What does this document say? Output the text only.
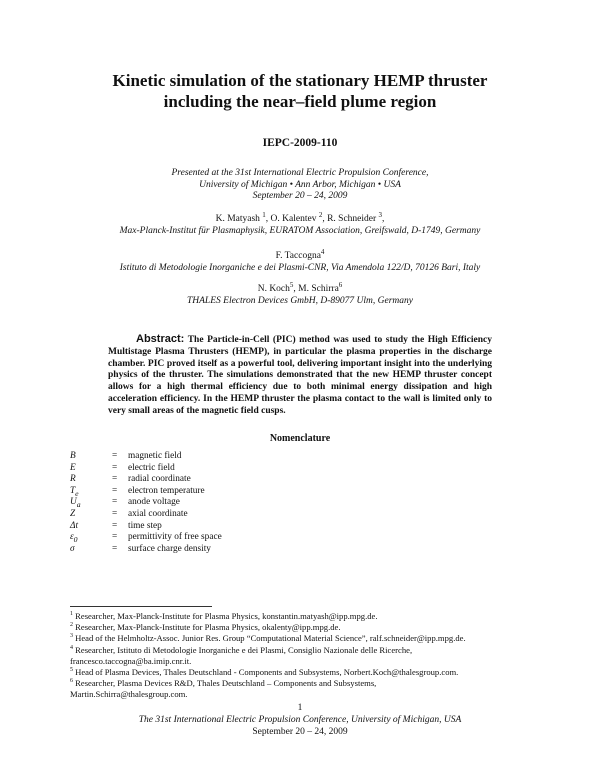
Kinetic simulation of the stationary HEMP thruster
including the near–field plume region
IEPC-2009-110
Presented at the 31st International Electric Propulsion Conference,
University of Michigan • Ann Arbor, Michigan • USA
September 20 – 24, 2009
K. Matyash $^1$, O. Kalentev $^2$, R. Schneider $^3$,
Max-Planck-Institut für Plasmaphysik, EURATOM Association, Greifswald, D-1749, Germany
F. Taccogna$^4$
Istituto di Metodologie Inorganiche e dei Plasmi-CNR, Via Amendola 122/D, 70126 Bari, Italy
N. Koch$^5$, M. Schirra$^6$
THALES Electron Devices GmbH, D-89077 Ulm, Germany
Abstract: The Particle-in-Cell (PIC) method was used to study the High Efficiency Multistage Plasma Thrusters (HEMP), in particular the plasma properties in the discharge chamber. PIC proved itself as a powerful tool, delivering important insight into the underlying physics of the thruster. The simulations demonstrated that the new HEMP thruster concept allows for a high thermal efficiency due to both minimal energy dissipation and high acceleration efficiency. In the HEMP thruster the plasma contact to the wall is limited only to very small areas of the magnetic field cusps.
Nomenclature
B	=	magnetic field
E	=	electric field
R	=	radial coordinate
$T_e$	=	electron temperature
$U_a$	=	anode voltage
Z	=	axial coordinate
Δt	=	time step
$\varepsilon_0$	=	permittivity of free space
σ	=	surface charge density
$^1$ Researcher, Max-Planck-Institute for Plasma Physics, konstantin.matyash@ipp.mpg.de.
$^2$ Researcher, Max-Planck-Institute for Plasma Physics, okalenty@ipp.mpg.de.
$^3$ Head of the Helmholtz-Assoc. Junior Res. Group “Computational Material Science”, ralf.schneider@ipp.mpg.de.
$^4$ Researcher, Istituto di Metodologie Inorganiche e dei Plasmi, Consiglio Nazionale delle Ricerche,
francesco.taccogna@ba.imip.cnr.it.
$^5$ Head of Plasma Devices, Thales Deutschland - Components and Subsystems, Norbert.Koch@thalesgroup.com.
$^6$ Researcher, Plasma Devices R&D, Thales Deutschland – Components and Subsystems,
Martin.Schirra@thalesgroup.com.
1
The 31st International Electric Propulsion Conference, University of Michigan, USA
September 20 – 24, 2009
